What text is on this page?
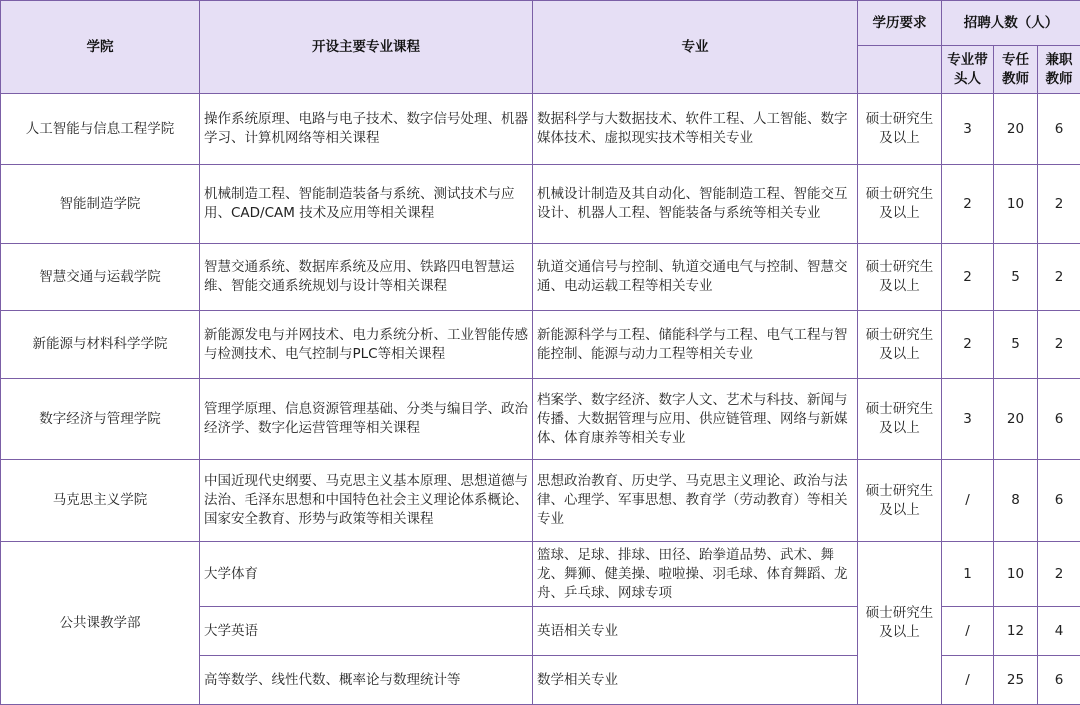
学院	开设主要专业课程	专业	学历要求	招聘人数（人）		
				专业带头人	专任教师	兼职教师
人工智能与信息工程学院	操作系统原理、电路与电子技术、数字信号处理、机器学习、计算机网络等相关课程	数据科学与大数据技术、软件工程、人工智能、数字媒体技术、虚拟现实技术等相关专业	硕士研究生及以上	3	20	6
智能制造学院	机械制造工程、智能制造装备与系统、测试技术与应用、CAD/CAM 技术及应用等相关课程	机械设计制造及其自动化、智能制造工程、智能交互设计、机器人工程、智能装备与系统等相关专业	硕士研究生及以上	2	10	2
智慧交通与运载学院	智慧交通系统、数据库系统及应用、铁路四电智慧运维、智能交通系统规划与设计等相关课程	轨道交通信号与控制、轨道交通电气与控制、智慧交通、电动运载工程等相关专业	硕士研究生及以上	2	5	2
新能源与材料科学学院	新能源发电与并网技术、电力系统分析、工业智能传感与检测技术、电气控制与PLC等相关课程	新能源科学与工程、储能科学与工程、电气工程与智能控制、能源与动力工程等相关专业	硕士研究生及以上	2	5	2
数字经济与管理学院	管理学原理、信息资源管理基础、分类与编目学、政治经济学、数字化运营管理等相关课程	档案学、数字经济、数字人文、艺术与科技、新闻与传播、大数据管理与应用、供应链管理、网络与新媒体、体育康养等相关专业	硕士研究生及以上	3	20	6
马克思主义学院	中国近现代史纲要、马克思主义基本原理、思想道德与法治、毛泽东思想和中国特色社会主义理论体系概论、国家安全教育、形势与政策等相关课程	思想政治教育、历史学、马克思主义理论、政治与法律、心理学、军事思想、教育学（劳动教育）等相关专业	硕士研究生及以上	/	8	6
公共课教学部	大学体育	篮球、足球、排球、田径、跆拳道品势、武术、舞龙、舞狮、健美操、啦啦操、羽毛球、体育舞蹈、龙舟、乒乓球、网球专项	硕士研究生及以上	1	10	2
	大学英语	英语相关专业		/	12	4
	高等数学、线性代数、概率论与数理统计等	数学相关专业		/	25	6
